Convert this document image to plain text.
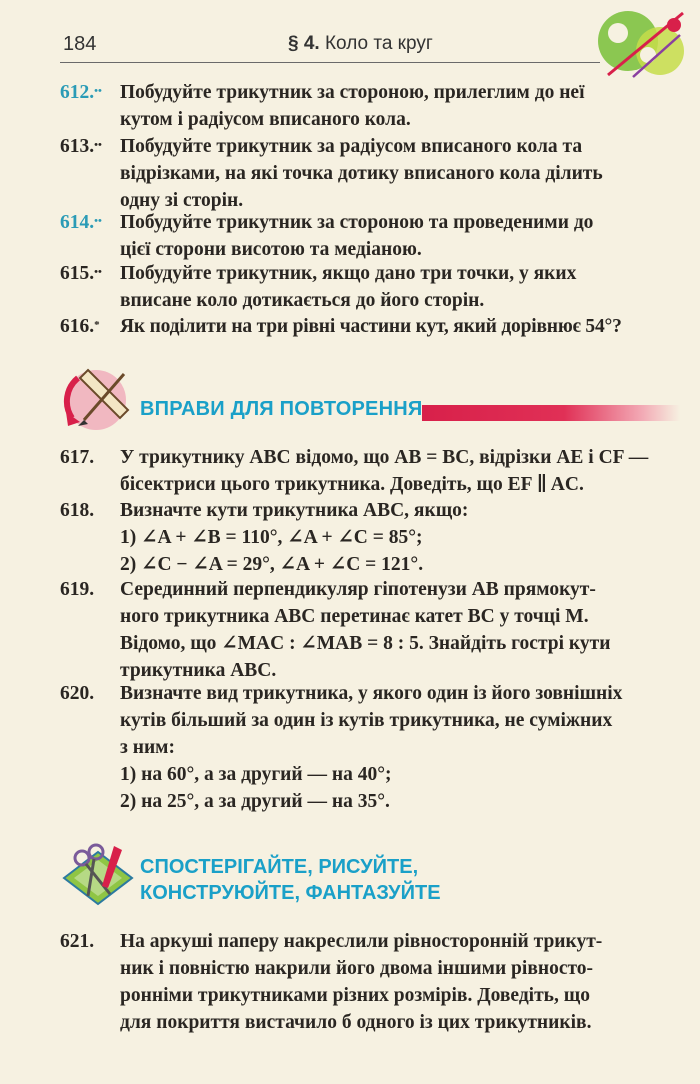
184	§ 4. Коло та круг
612.•• Побудуйте трикутник за стороною, прилеглим до неї
кутом і радіусом вписаного кола.
613.•• Побудуйте трикутник за радіусом вписаного кола та
відрізками, на які точка дотику вписаного кола ділить
одну зі сторін.
614.•• Побудуйте трикутник за стороною та проведеними до
цієї сторони висотою та медіаною.
615.•• Побудуйте трикутник, якщо дано три точки, у яких
вписане коло дотикається до його сторін.
616.* Як поділити на три рівні частини кут, який дорівнює 54°?
ВПРАВИ ДЛЯ ПОВТОРЕННЯ
617. У трикутнику ABC відомо, що AB = BC, відрізки AE і CF —
бісектриси цього трикутника. Доведіть, що EF ∥ AC.
618. Визначте кути трикутника ABC, якщо:
1) ∠A + ∠B = 110°, ∠A + ∠C = 85°;
2) ∠C − ∠A = 29°, ∠A + ∠C = 121°.
619. Серединний перпендикуляр гіпотенузи AB прямокут-
ного трикутника ABC перетинає катет BC у точці M.
Відомо, що ∠MAC : ∠MAB = 8 : 5. Знайдіть гострі кути
трикутника ABC.
620. Визначте вид трикутника, у якого один із його зовнішніх
кутів більший за один із кутів трикутника, не суміжних
з ним:
1) на 60°, а за другий — на 40°;
2) на 25°, а за другий — на 35°.
СПОСТЕРІГАЙТЕ, РИСУЙТЕ,
КОНСТРУЮЙТЕ, ФАНТАЗУЙТЕ
621. На аркуші паперу накреслили рівносторонній трикут-
ник і повністю накрили його двома іншими рівносто-
ронніми трикутниками різних розмірів. Доведіть, що
для покриття вистачило б одного із цих трикутників.
